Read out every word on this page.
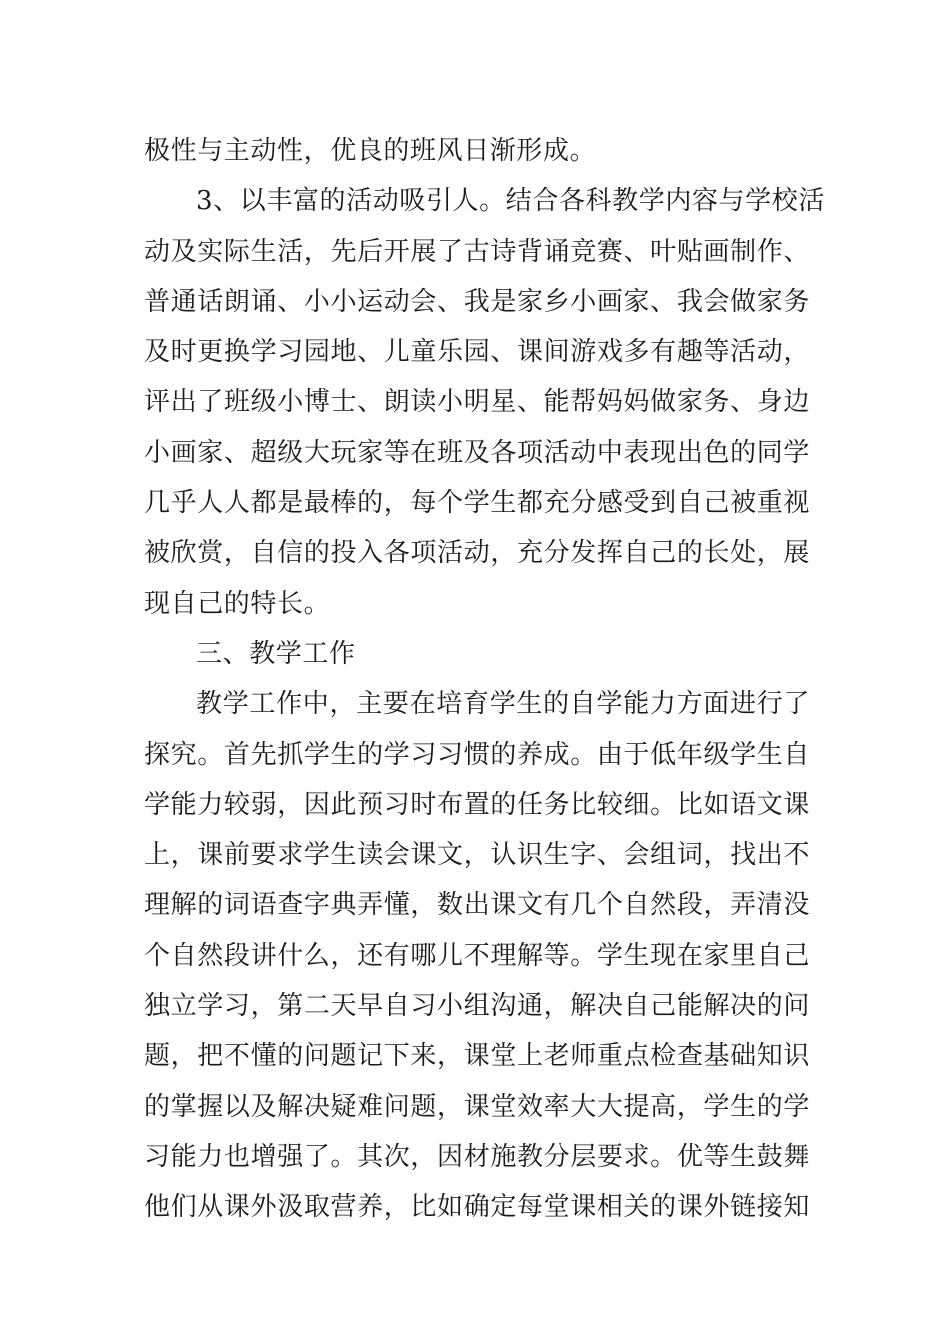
极性与主动性，优良的班风日渐形成。
3、以丰富的活动吸引人。结合各科教学内容与学校活
动及实际生活，先后开展了古诗背诵竞赛、叶贴画制作、
普通话朗诵、小小运动会、我是家乡小画家、我会做家务
及时更换学习园地、儿童乐园、课间游戏多有趣等活动，
评出了班级小博士、朗读小明星、能帮妈妈做家务、身边
小画家、超级大玩家等在班及各项活动中表现出色的同学
几乎人人都是最棒的，每个学生都充分感受到自己被重视
被欣赏，自信的投入各项活动，充分发挥自己的长处，展
现自己的特长。
三、教学工作
教学工作中，主要在培育学生的自学能力方面进行了
探究。首先抓学生的学习习惯的养成。由于低年级学生自
学能力较弱，因此预习时布置的任务比较细。比如语文课
上，课前要求学生读会课文，认识生字、会组词，找出不
理解的词语查字典弄懂，数出课文有几个自然段，弄清没
个自然段讲什么，还有哪儿不理解等。学生现在家里自己
独立学习，第二天早自习小组沟通，解决自己能解决的问
题，把不懂的问题记下来，课堂上老师重点检查基础知识
的掌握以及解决疑难问题，课堂效率大大提高，学生的学
习能力也增强了。其次，因材施教分层要求。优等生鼓舞
他们从课外汲取营养，比如确定每堂课相关的课外链接知
